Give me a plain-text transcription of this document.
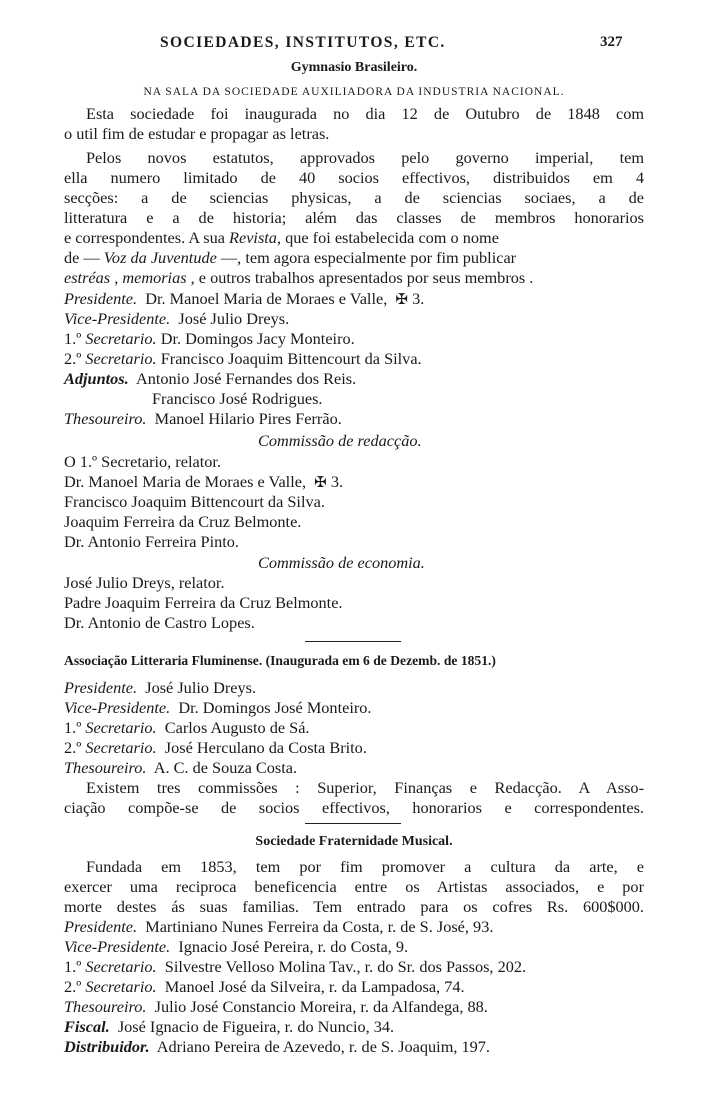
SOCIEDADES, INSTITUTOS, ETC.	327
Gymnasio Brasileiro.
NA SALA DA SOCIEDADE AUXILIADORA DA INDUSTRIA NACIONAL.
Esta sociedade foi inaugurada no dia 12 de Outubro de 1848 com
o util fim de estudar e propagar as letras.
Pelos novos estatutos, approvados pelo governo imperial, tem
ella numero limitado de 40 socios effectivos, distribuidos em 4
secções: a de sciencias physicas, a de sciencias sociaes, a de
litteratura e a de historia; além das classes de membros honorarios
e correspondentes. A sua Revista, que foi estabelecida com o nome
de — Voz da Juventude —, tem agora especialmente por fim publicar
estréas , memorias , e outros trabalhos apresentados por seus membros .
Presidente. Dr. Manoel Maria de Moraes e Valle, ✠ 3.
Vice-Presidente. José Julio Dreys.
1.º Secretario. Dr. Domingos Jacy Monteiro.
2.º Secretario. Francisco Joaquim Bittencourt da Silva.
Adjuntos. Antonio José Fernandes dos Reis.
Francisco José Rodrigues.
Thesoureiro. Manoel Hilario Pires Ferrão.
Commissão de redacção.
O 1.º Secretario, relator.
Dr. Manoel Maria de Moraes e Valle, ✠ 3.
Francisco Joaquim Bittencourt da Silva.
Joaquim Ferreira da Cruz Belmonte.
Dr. Antonio Ferreira Pinto.
Commissão de economia.
José Julio Dreys, relator.
Padre Joaquim Ferreira da Cruz Belmonte.
Dr. Antonio de Castro Lopes.
Associação Litteraria Fluminense. (Inaugurada em 6 de Dezemb. de 1851.)
Presidente. José Julio Dreys.
Vice-Presidente. Dr. Domingos José Monteiro.
1.º Secretario. Carlos Augusto de Sá.
2.º Secretario. José Herculano da Costa Brito.
Thesoureiro. A. C. de Souza Costa.
Existem tres commissões : Superior, Finanças e Redacção. A Asso-
ciação compõe-se de socios effectivos, honorarios e correspondentes.
Sociedade Fraternidade Musical.
Fundada em 1853, tem por fim promover a cultura da arte, e
exercer uma reciproca beneficencia entre os Artistas associados, e por
morte destes ás suas familias. Tem entrado para os cofres Rs. 600$000.
Presidente. Martiniano Nunes Ferreira da Costa, r. de S. José, 93.
Vice-Presidente. Ignacio José Pereira, r. do Costa, 9.
1.º Secretario. Silvestre Velloso Molina Tav., r. do Sr. dos Passos, 202.
2.º Secretario. Manoel José da Silveira, r. da Lampadosa, 74.
Thesoureiro. Julio José Constancio Moreira, r. da Alfandega, 88.
Fiscal. José Ignacio de Figueira, r. do Nuncio, 34.
Distribuidor. Adriano Pereira de Azevedo, r. de S. Joaquim, 197.
